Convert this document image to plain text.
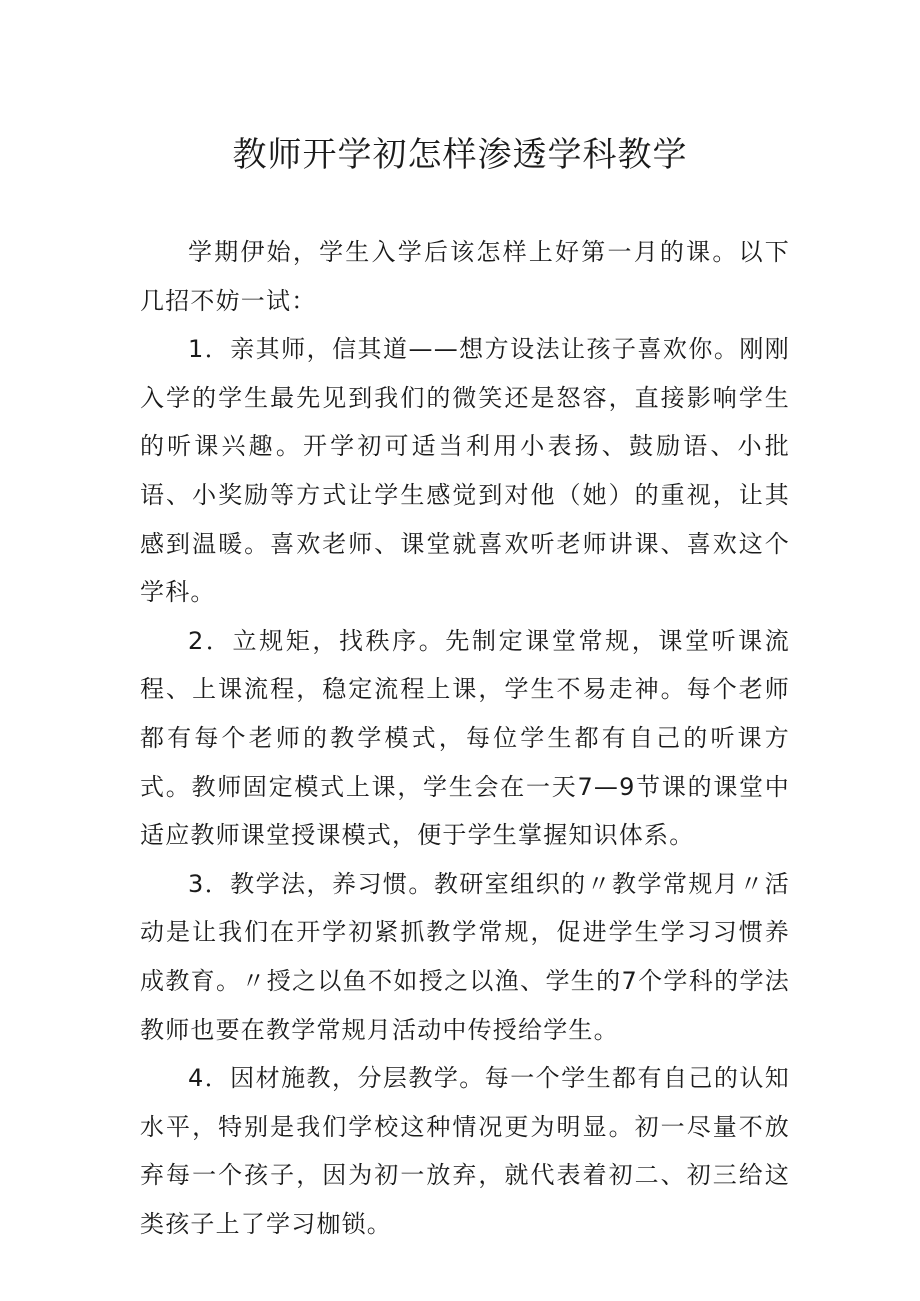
教师开学初怎样渗透学科教学

学期伊始，学生入学后该怎样上好第一月的课。以下几招不妨一试：

1．亲其师，信其道——想方设法让孩子喜欢你。刚刚入学的学生最先见到我们的微笑还是怒容，直接影响学生的听课兴趣。开学初可适当利用小表扬、鼓励语、小批语、小奖励等方式让学生感觉到对他（她）的重视，让其感到温暖。喜欢老师、课堂就喜欢听老师讲课、喜欢这个学科。

2．立规矩，找秩序。先制定课堂常规，课堂听课流程、上课流程，稳定流程上课，学生不易走神。每个老师都有每个老师的教学模式，每位学生都有自己的听课方式。教师固定模式上课，学生会在一天7—9节课的课堂中适应教师课堂授课模式，便于学生掌握知识体系。

3．教学法，养习惯。教研室组织的〃教学常规月〃活动是让我们在开学初紧抓教学常规，促进学生学习习惯养成教育。〃授之以鱼不如授之以渔、学生的7个学科的学法教师也要在教学常规月活动中传授给学生。

4．因材施教，分层教学。每一个学生都有自己的认知水平，特别是我们学校这种情况更为明显。初一尽量不放弃每一个孩子，因为初一放弃，就代表着初二、初三给这类孩子上了学习枷锁。
